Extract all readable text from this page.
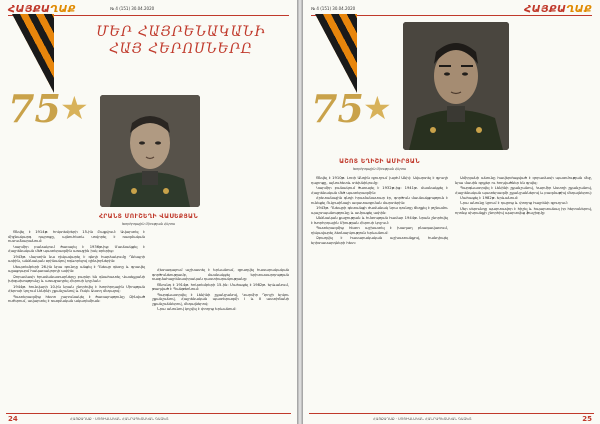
ՀԱՅՔԱՂԱՔ	№ 4 (151) 30.04.2020
ՄԵՐ ՀԱՅՐԵՆԱԿԱՆԻ
ՀԱՅ ՀԵՐՈՍՆԵՐԸ
75 ★
ՀՐԱՆՏ ՄՈՒՇԵՂԻ ՎԱՍԵՔՅԱՆ
Խորհրդային Միության Հերոս

Ծնվել է 1914թ. հոկտեմբերի 15-ին Բաքվում: Ավարտել է միջնակարգ դպրոցը, այնուհետև սովորել է ռազմական ուսումնարանում:

Կարմիր բանակում ծառայել է 1936թ-ից: Մասնակցել է Հայրենական մեծ պատերազմին առաջին իսկ օրերից:

1943թ. մարտին նա ղեկավարել է գնդի հարձակումը Դնեպրի ափին, անձնական օրինակով ոգևորելով զինվորներին:

Սեպտեմբերի 26-ին նրա գունդը անցել է Դնեպր գետը և գրավել պլացդարմ հակառակորդի ափին:

Զորամասի հրամանատարները բարձր են գնահատել Վասեքյանի խիզախությունը և առաջադրել Հերոսի կոչման:

1944թ. հունվարի 10-ին նրան շնորհվել է Խորհրդային Միության Հերոսի կոչում Լենինի շքանշանով և Ոսկե Աստղ մեդալով:

Պատերազմից հետո շարունակել է ծառայությունը Զինված ուժերում, ավարտել է ռազմական ակադեմիան:

Հետագայում աշխատել է Երևանում, զբաղվել հասարակական գործունեությամբ, մասնակցել երիտասարդության ռազմահայրենասիրական դաստիարակությանը:

Ծնունդ է 1914թ. հոկտեմբերի 15-ին: Մահացել է 1982թ. Երևանում, թաղված է Պանթեոնում:

Պարգևատրվել է Լենինի շքանշանով, Կարմիր Դրոշի երկու շքանշանով, Հայրենական պատերազմի I և II աստիճանի շքանշաններով, մեդալներով:

Նրա անունով կոչվել է փողոց Երևանում:

24	ՀԱՅՔԱՂԱՔ · ՍՈՑԻԱԼԱԿԱՆ ՀԱՆՐԱՊԵՏԱԿԱՆ ԳԱԶԵՏ
№ 4 (151) 30.04.2020	ՀԱՅՔԱՂԱՔ
75 ★
ԱՇՈՏ ԵՂԻՇԻ ԱՄԻՐՅԱՆ
Խորհրդային Միության Հերոս

Ծնվել է 1910թ. Լոռի Անդին գյուղում (այժմ Անի): Ավարտել է գյուղի դպրոցը, այնուհետև տեխնիկումը:

Կարմիր բանակում ծառայել է 1932թ-ից: 1941թ. մասնակցել է Հայրենական մեծ պատերազմին:

Հրետանային գնդի հրամանատար էր, գործուն մասնակցություն է ունեցել Ուկրաինայի ազատագրման մարտերին:

1943թ. Դնեպրի գետանցի ժամանակ նրա գունդը ճեղքել է թշնամու պաշտպանությունը և ամրացել ափին:

Անձնական քաջության և հմտության համար 1944թ. նրան շնորհվել է Խորհրդային Միության Հերոսի կոչում:

Պատերազմից հետո աշխատել է խաղաղ բնագավառում, ղեկավարել ձեռնարկություն Երևանում:

Զբաղվել է հասարակական աշխատանքով, հանդիպել երիտասարդների հետ:

Ամիրյանի անունը հավերժացված է զորամասի պատմության մեջ, նրա մասին գրքեր ու հոդվածներ են գրվել:

Պարգևատրվել է Լենինի շքանշանով, Կարմիր Աստղի շքանշանով, Հայրենական պատերազմի շքանշաններով և բազմաթիվ մեդալներով:

Մահացել է 1982թ. Երևանում:

Նրա անունը կրում է դպրոց և փողոց հայրենի գյուղում:

Մեր սերունդը պարտավոր է հիշել և հպարտանալ իր հերոսներով, որոնց սխրանքի շնորհիվ պարտվեց ֆաշիզմը:

ՀԱՅՔԱՂԱՔ · ՍՈՑԻԱԼԱԿԱՆ ՀԱՆՐԱՊԵՏԱԿԱՆ ԳԱԶԵՏ	25
